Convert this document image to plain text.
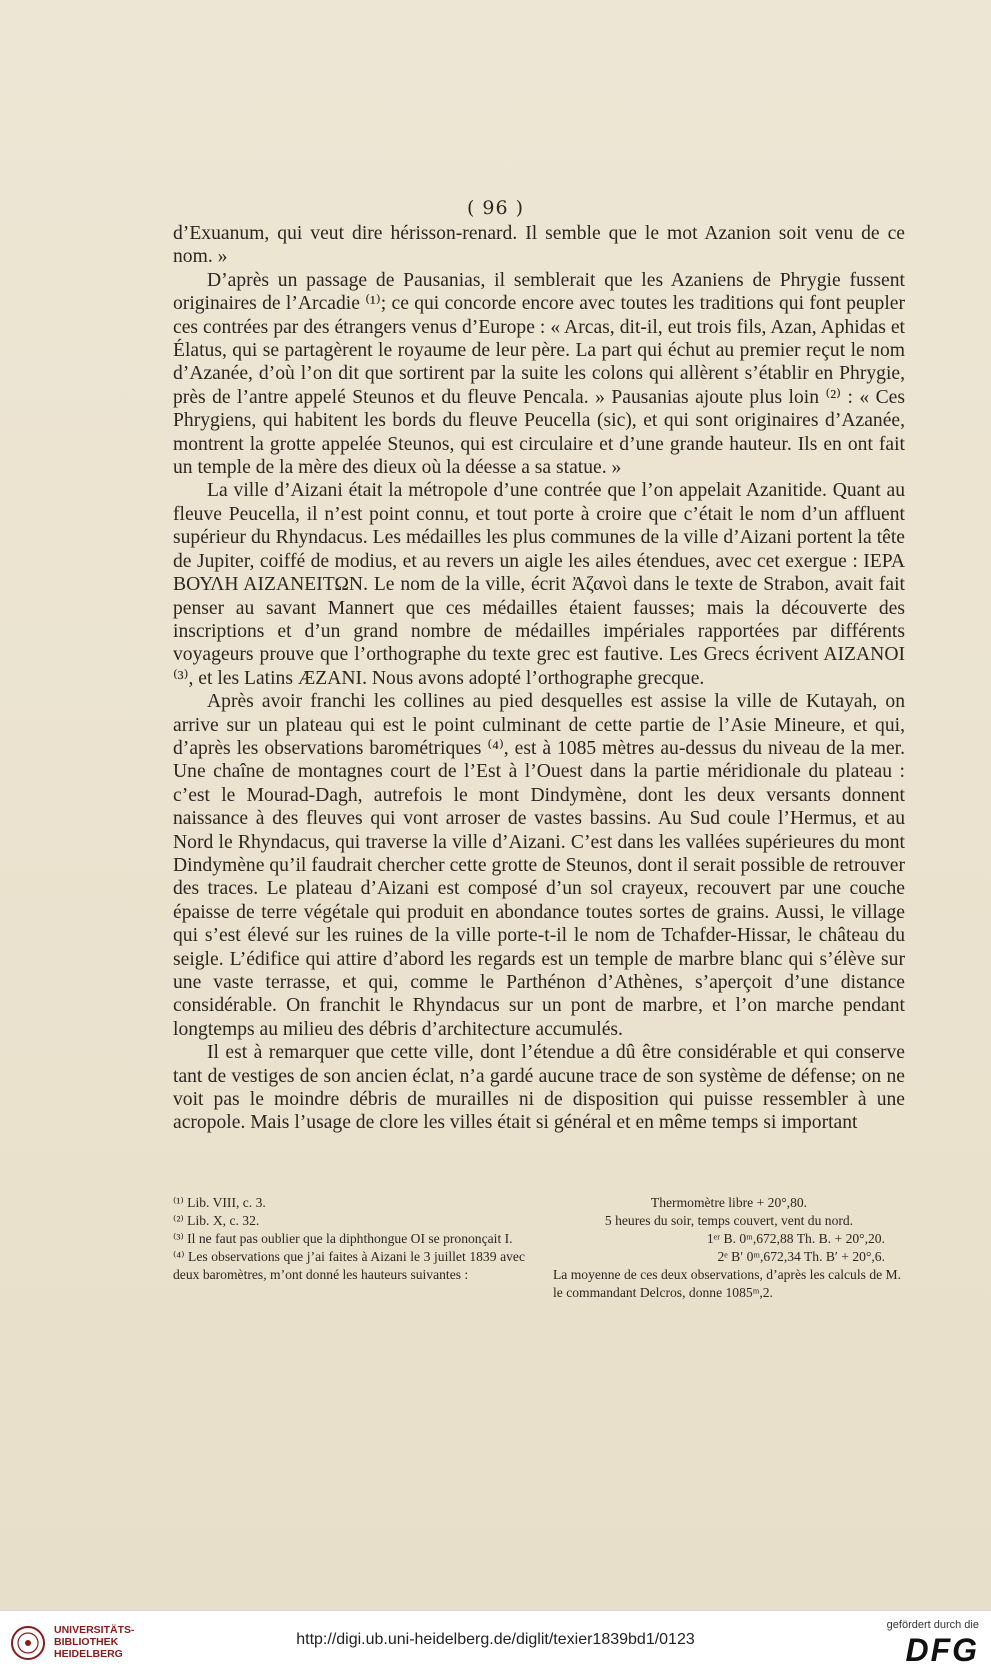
( 96 )

d’Exuanum, qui veut dire hérisson-renard. Il semble que le mot Azanion soit venu de ce nom. »

D’après un passage de Pausanias, il semblerait que les Azaniens de Phrygie fussent originaires de l’Arcadie ⁽¹⁾; ce qui concorde encore avec toutes les traditions qui font peupler ces contrées par des étrangers venus d’Europe : « Arcas, dit-il, eut trois fils, Azan, Aphidas et Élatus, qui se partagèrent le royaume de leur père. La part qui échut au premier reçut le nom d’Azanée, d’où l’on dit que sortirent par la suite les colons qui allèrent s’établir en Phrygie, près de l’antre appelé Steunos et du fleuve Pencala. » Pausanias ajoute plus loin ⁽²⁾ : « Ces Phrygiens, qui habitent les bords du fleuve Peucella (sic), et qui sont originaires d’Azanée, montrent la grotte appelée Steunos, qui est circulaire et d’une grande hauteur. Ils en ont fait un temple de la mère des dieux où la déesse a sa statue. »

La ville d’Aizani était la métropole d’une contrée que l’on appelait Azanitide. Quant au fleuve Peucella, il n’est point connu, et tout porte à croire que c’était le nom d’un affluent supérieur du Rhyndacus. Les médailles les plus communes de la ville d’Aizani portent la tête de Jupiter, coiffé de modius, et au revers un aigle les ailes étendues, avec cet exergue : ΙΕΡΑ ΒΟΥΛΗ ΑΙΖΑΝΕΙΤΩΝ. Le nom de la ville, écrit Ἀζανοὶ dans le texte de Strabon, avait fait penser au savant Mannert que ces médailles étaient fausses; mais la découverte des inscriptions et d’un grand nombre de médailles impériales rapportées par différents voyageurs prouve que l’orthographe du texte grec est fautive. Les Grecs écrivent AIZANOI ⁽³⁾, et les Latins ÆZANI. Nous avons adopté l’orthographe grecque.

Après avoir franchi les collines au pied desquelles est assise la ville de Kutayah, on arrive sur un plateau qui est le point culminant de cette partie de l’Asie Mineure, et qui, d’après les observations barométriques ⁽⁴⁾, est à 1085 mètres au-dessus du niveau de la mer. Une chaîne de montagnes court de l’Est à l’Ouest dans la partie méridionale du plateau : c’est le Mourad-Dagh, autrefois le mont Dindymène, dont les deux versants donnent naissance à des fleuves qui vont arroser de vastes bassins. Au Sud coule l’Hermus, et au Nord le Rhyndacus, qui traverse la ville d’Aizani. C’est dans les vallées supérieures du mont Dindymène qu’il faudrait chercher cette grotte de Steunos, dont il serait possible de retrouver des traces. Le plateau d’Aizani est composé d’un sol crayeux, recouvert par une couche épaisse de terre végétale qui produit en abondance toutes sortes de grains. Aussi, le village qui s’est élevé sur les ruines de la ville porte-t-il le nom de Tchafder-Hissar, le château du seigle. L’édifice qui attire d’abord les regards est un temple de marbre blanc qui s’élève sur une vaste terrasse, et qui, comme le Parthénon d’Athènes, s’aperçoit d’une distance considérable. On franchit le Rhyndacus sur un pont de marbre, et l’on marche pendant longtemps au milieu des débris d’architecture accumulés.

Il est à remarquer que cette ville, dont l’étendue a dû être considérable et qui conserve tant de vestiges de son ancien éclat, n’a gardé aucune trace de son système de défense; on ne voit pas le moindre débris de murailles ni de disposition qui puisse ressembler à une acropole. Mais l’usage de clore les villes était si général et en même temps si important

⁽¹⁾ Lib. VIII, c. 3.

⁽²⁾ Lib. X, c. 32.

⁽³⁾ Il ne faut pas oublier que la diphthongue OI se prononçait I.

⁽⁴⁾ Les observations que j’ai faites à Aizani le 3 juillet 1839 avec deux baromètres, m’ont donné les hauteurs suivantes :

Thermomètre libre + 20°,80.

5 heures du soir, temps couvert, vent du nord.

1ᵉʳ B. 0ᵐ,672,88 Th. B. + 20°,20.

2ᵉ B′ 0ᵐ,672,34 Th. B′ + 20°,6.

La moyenne de ces deux observations, d’après les calculs de M. le commandant Delcros, donne 1085ᵐ,2.

UNIVERSITÄTS-
BIBLIOTHEK
HEIDELBERG
http://digi.ub.uni-heidelberg.de/diglit/texier1839bd1/0123
gefördert durch die
DFG
